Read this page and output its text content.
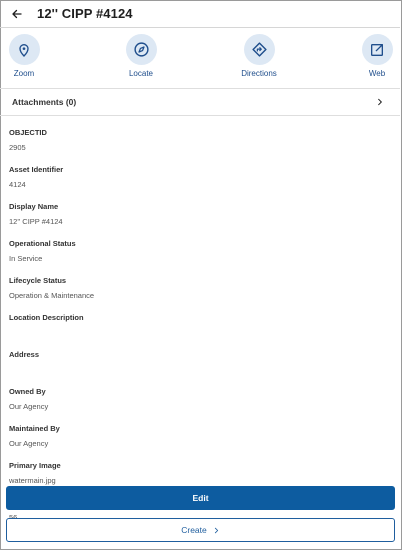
12'' CIPP #4124
Zoom	Locate	Directions	Web
Attachments (0)
OBJECTID
2905
Asset Identifier
4124
Display Name
12'' CIPP #4124
Operational Status
In Service
Lifecycle Status
Operation & Maintenance
Location Description
Address
Owned By
Our Agency
Maintained By
Our Agency
Primary Image
watermain.jpg
Edit
Create
